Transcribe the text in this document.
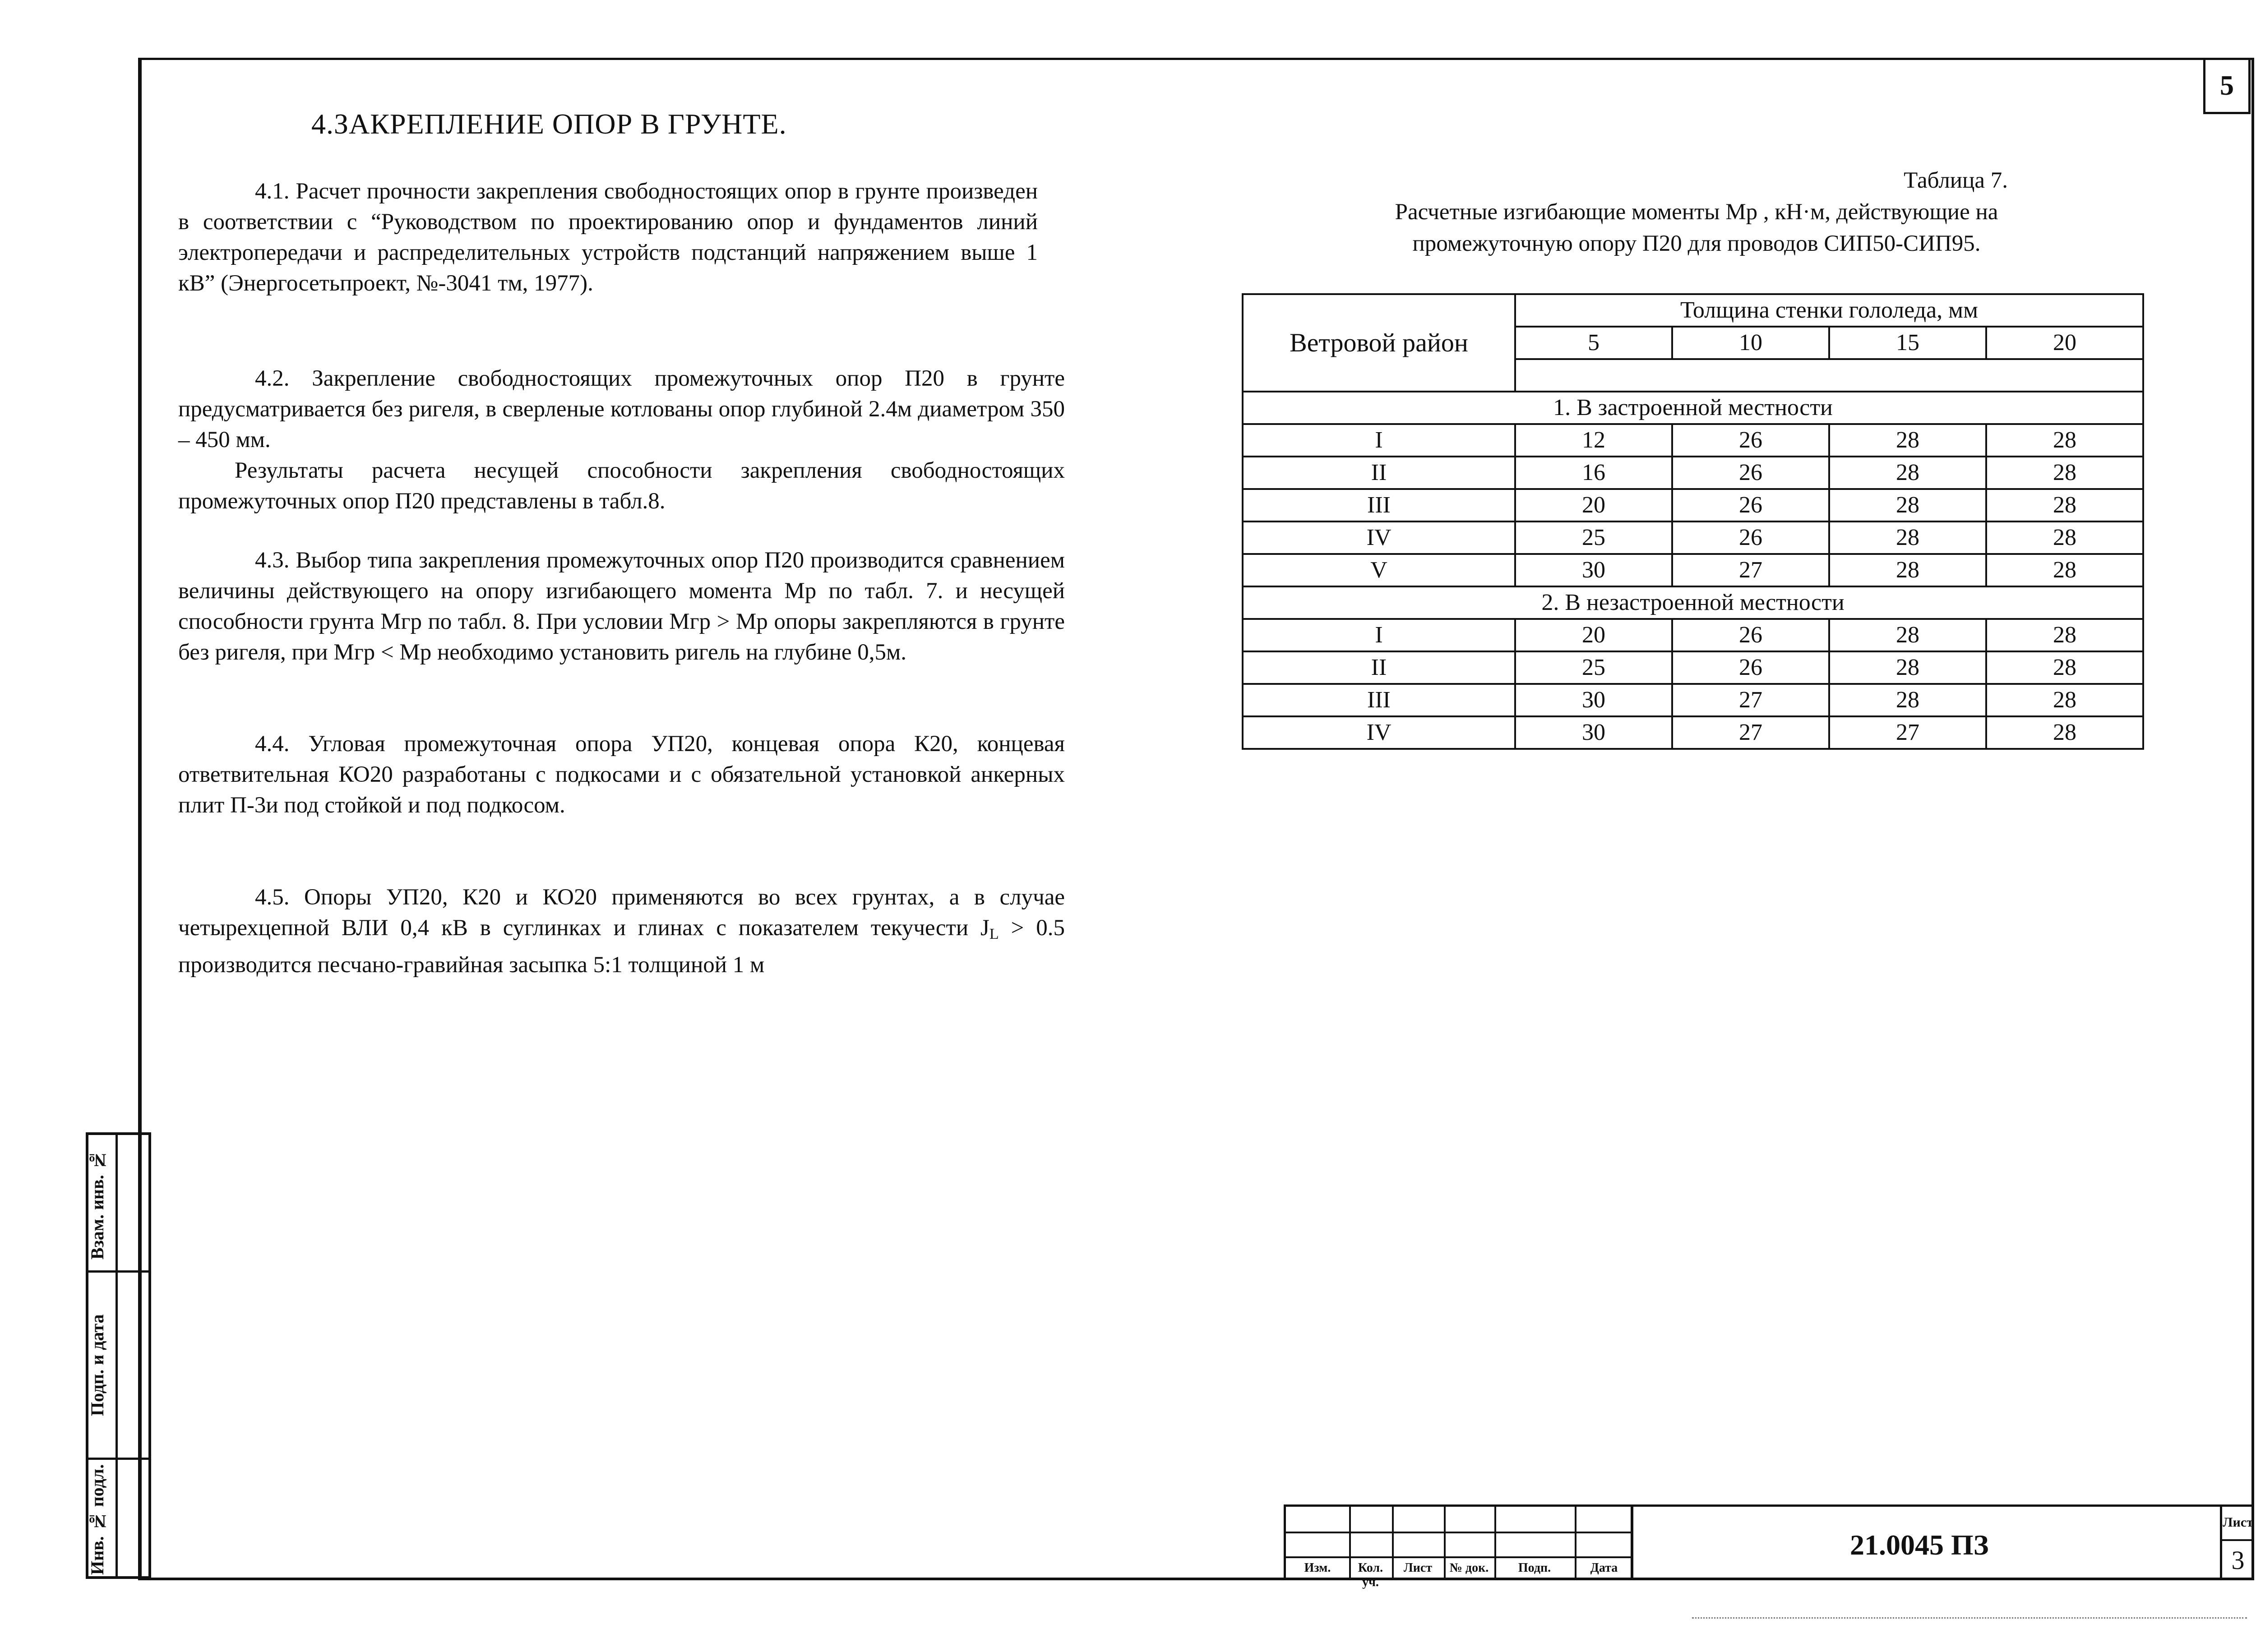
5
4.ЗАКРЕПЛЕНИЕ ОПОР В ГРУНТЕ.

4.1. Расчет прочности закрепления свободностоящих опор в грунте произведен в соответствии с “Руководством по проектированию опор и фундаментов линий электропередачи и распределительных устройств подстанций напряжением выше 1 кВ” (Энергосетьпроект, №-3041 тм, 1977).

4.2. Закрепление свободностоящих промежуточных опор П20 в грунте предусматривается без ригеля, в сверленые котлованы опор глубиной 2.4м диаметром 350 – 450 мм.

Результаты расчета несущей способности закрепления свободностоящих промежуточных опор П20 представлены в табл.8.

4.3. Выбор типа закрепления промежуточных опор П20 производится сравнением величины действующего на опору изгибающего момента Мр по табл. 7. и несущей способности грунта Мгр по табл. 8. При условии Мгр > Мр опоры закрепляются в грунте без ригеля, при Мгр < Мр необходимо установить ригель на глубине 0,5м.

4.4. Угловая промежуточная опора УП20, концевая опора К20, концевая ответвительная КО20 разработаны с подкосами и с обязательной установкой анкерных плит П-3и под стойкой и под подкосом.

4.5. Опоры УП20, К20 и КО20 применяются во всех грунтах, а в случае четырехцепной ВЛИ 0,4 кВ в суглинках и глинах с показателем текучести $J_L > 0.5$ производится песчано-гравийная засыпка 5:1 толщиной 1 м

Таблица 7.
Расчетные изгибающие моменты Мр , кН·м, действующие на
промежуточную опору П20 для проводов СИП50-СИП95.
Ветровой район	Толщина стенки гололеда, мм			
	5	10	15	20

1. В застроенной местности				
I	12	26	28	28
II	16	26	28	28
III	20	26	28	28
IV	25	26	28	28
V	30	27	28	28
2. В незастроенной местности				
I	20	26	28	28
II	25	26	28	28
III	30	27	28	28
IV	30	27	27	28
Взам. инв. №
Подп. и дата
Инв. № подл.	Изм.	Кол. уч.
Лист	№ док.	Подп.	Дата
21.0045 ПЗ
Лист
3
